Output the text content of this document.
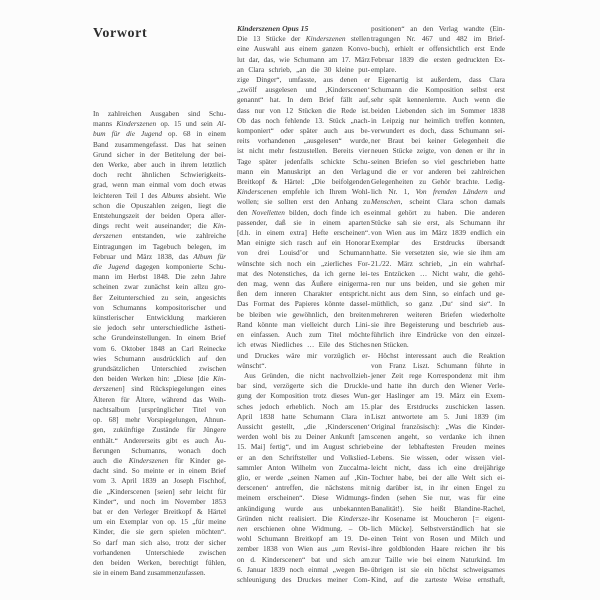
Vorwort
In zahlreichen Ausgaben sind Schu-
manns Kinderszenen op. 15 und sein Al-
bum für die Jugend op. 68 in einem
Band zusammengefasst. Das hat seinen
Grund sicher in der Betitelung der bei-
den Werke, aber auch in ihrem letztlich
doch recht ähnlichen Schwierigkeits-
grad, wenn man einmal vom doch etwas
leichteren Teil I des Albums absieht. Wie
schon die Opuszahlen zeigen, liegt die
Entstehungszeit der beiden Opera aller-
dings recht weit auseinander; die Kin-
derszenen entstanden, wie zahlreiche
Eintragungen im Tagebuch belegen, im
Februar und März 1838, das Album für
die Jugend dagegen komponierte Schu-
mann im Herbst 1848. Die zehn Jahre
scheinen zwar zunächst kein allzu gro-
ßer Zeitunterschied zu sein, angesichts
von Schumanns kompositorischer und
künstlerischer Entwicklung markieren
sie jedoch sehr unterschiedliche ästheti-
sche Grundeinstellungen. In einem Brief
vom 6. Oktober 1848 an Carl Reinecke
wies Schumann ausdrücklich auf den
grundsätzlichen Unterschied zwischen
den beiden Werken hin: „Diese [die Kin-
derszenen] sind Rückspiegelungen eines
Älteren für Ältere, während das Weih-
nachtsalbum [ursprünglicher Titel von
op. 68] mehr Vorspiegelungen, Ahnun-
gen, zukünftige Zustände für Jüngere
enthält.“ Andererseits gibt es auch Äu-
ßerungen Schumanns, wonach doch
auch die Kinderszenen für Kinder ge-
dacht sind. So meinte er in einem Brief
vom 3. April 1839 an Joseph Fischhof,
die „Kinderscenen [seien] sehr leicht für
Kinder“, und noch im November 1853
bat er den Verleger Breitkopf & Härtel
um ein Exemplar von op. 15 „für meine
Kinder, die sie gern spielen möchten“.
So darf man sich also, trotz der sicher
vorhandenen Unterschiede zwischen
den beiden Werken, berechtigt fühlen,
sie in einem Band zusammenzufassen.
Kinderszenen Opus 15
Die 13 Stücke der Kinderszenen stellen
eine Auswahl aus einem ganzen Konvo-
lut dar, das, wie Schumann am 17. März
an Clara schrieb, „an die 30 kleine put-
zige Dinger“, umfasste, aus denen er
„zwölf ausgelesen und ‚Kinderscenen‘
genannt“ hat. In dem Brief fällt auf,
dass nur von 12 Stücken die Rede ist.
Ob das noch fehlende 13. Stück „nach-
komponiert“ oder später auch aus be-
reits vorhandenen „ausgelesen“ wurde,
ist nicht mehr festzustellen. Bereits vier
Tage später jedenfalls schickte Schu-
mann ein Manuskript an den Verlag
Breitkopf & Härtel: „Die beifolgenden
Kinderscenen empfehle ich Ihrem Wohl-
wollen; sie sollten erst den Anhang zu
den Novelletten bilden, doch finde ich es
passender, daß sie in einem aparten
[d.h. in einem extra] Hefte erscheinen“.
Man einigte sich rasch auf ein Honorar
von drei Louisd’or und Schumann
wünschte sich noch ein „zierliches For-
mat des Notenstiches, da ich gerne lei-
den mag, wenn das Äußere einigerma-
ßen dem inneren Charakter entspricht.
Das Format des Papieres könnte dassel-
be bleiben wie gewöhnlich, den breiten
Rand könnte man vielleicht durch Lini-
en einfassen. Auch zum Titel möchte
ich etwas Niedliches … Eile des Stiches
und Druckes wäre mir vorzüglich er-
wünscht“.
Aus Gründen, die nicht nachvollzieh-
bar sind, verzögerte sich die Druckle-
gung der Komposition trotz dieses Wun-
sches jedoch erheblich. Noch am 15.
April 1838 hatte Schumann Clara in
Aussicht gestellt, „die ‚Kinderscenen‘
werden wohl bis zu Deiner Ankunft [am
15. Mai] fertig“, und im August schrieb
er an den Schriftsteller und Volkslied-
sammler Anton Wilhelm von Zuccalma-
glio, er werde „seinen Namen auf ‚Kin-
derscenen‘ antreffen, die nächstens mit
meinem erscheinen“. Diese Widmungs-
ankündigung wurde aus unbekannten
Gründen nicht realisiert. Die Kindersze-
nen erschienen ohne Widmung. – Ob-
wohl Schumann Breitkopf am 19. De-
zember 1838 von Wien aus „um Revisi-
on d. Kinderscenen“ bat und sich am
6. Januar 1839 noch einmal „wegen Be-
schleunigung des Druckes meiner Com-
positionen“ an den Verlag wandte (Ein-
tragungen Nr. 467 und 482 im Brief-
buch), erhielt er offensichtlich erst Ende
Februar 1839 die ersten gedruckten Ex-
emplare.
Eigenartig ist außerdem, dass Clara
Schumann die Komposition selbst erst
sehr spät kennenlernte. Auch wenn die
beiden Liebenden sich im Sommer 1838
in Leipzig nur heimlich treffen konnten,
verwundert es doch, dass Schumann sei-
ner Braut bei keiner Gelegenheit die
neuen Stücke zeigte, von denen er ihr in
seinen Briefen so viel geschrieben hatte
und die er vor anderen bei zahlreichen
Gelegenheiten zu Gehör brachte. Ledig-
lich Nr. 1, Von fremden Ländern und
Menschen, scheint Clara schon damals
einmal gehört zu haben. Die anderen
Stücke sah sie erst, als Schumann ihr
von Wien aus im März 1839 endlich ein
Exemplar des Erstdrucks übersandt
hatte. Sie versetzten sie, wie sie ihm am
21./22. März schrieb, „in ein wahrhaf-
tes Entzücken … Nicht wahr, die gehö-
ren nur uns beiden, und sie gehen mir
nicht aus dem Sinn, so einfach und ge-
müthlich, so ganz ‚Du‘ sind sie“. In
mehreren weiteren Briefen wiederholte
sie ihre Begeisterung und beschrieb aus-
führlich ihre Eindrücke von den einzel-
nen Stücken.
Höchst interessant auch die Reaktion
von Franz Liszt. Schumann führte in
jener Zeit rege Korrespondenz mit ihm
und hatte ihn durch den Wiener Verle-
ger Haslinger am 19. März ein Exem-
plar des Erstdrucks zuschicken lassen.
Liszt antwortete am 5. Juni 1839 (im
Original französisch): „Was die Kinder-
scenen angeht, so verdanke ich ihnen
eine der lebhaftesten Freuden meines
Lebens. Sie wissen, oder wissen viel-
leicht nicht, dass ich eine dreijährige
Tochter habe, bei der alle Welt sich ei-
nig darüber ist, in ihr einen Engel zu
finden (sehen Sie nur, was für eine
Banalität!). Sie heißt Blandine-Rachel,
ihr Kosename ist Moucheron [= eigent-
lich Mücke]. Selbstverständlich hat sie
einen Teint von Rosen und Milch und
ihre goldblonden Haare reichen ihr bis
zur Taille wie bei einem Naturkind. Im
übrigen ist sie ein höchst schweigsames
Kind, auf die zarteste Weise ernsthaft,
